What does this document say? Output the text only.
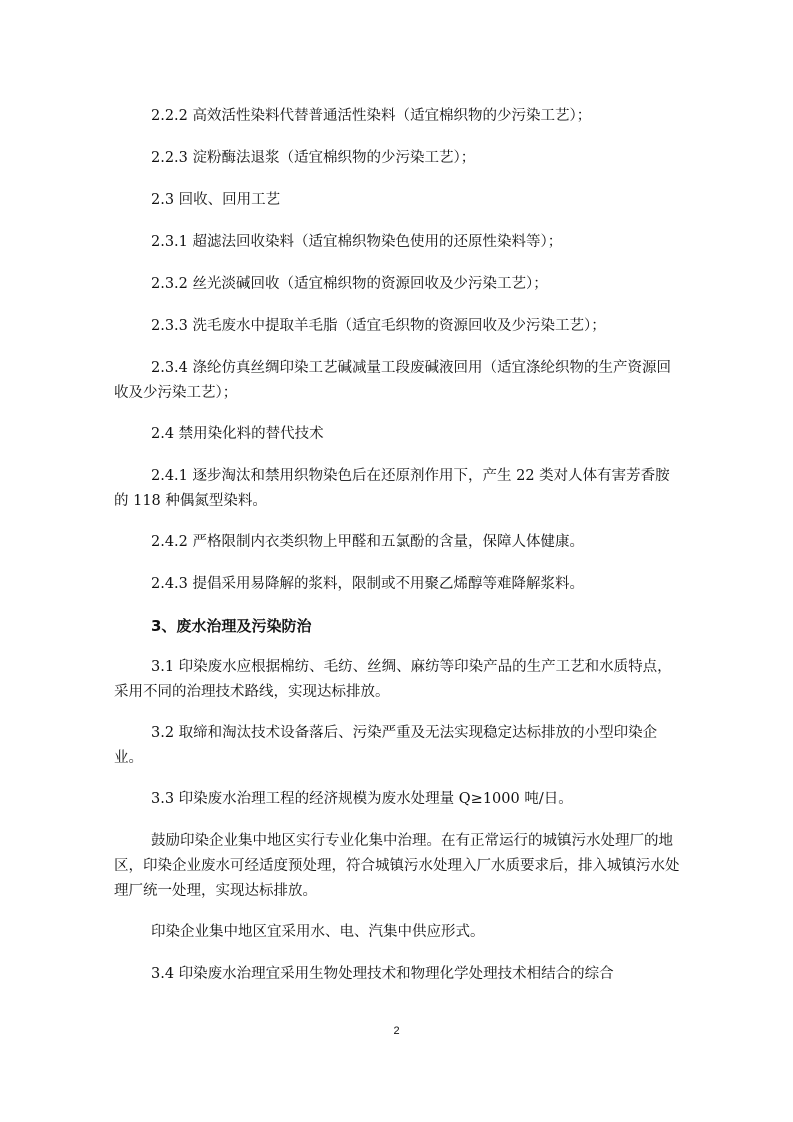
2.2.2 高效活性染料代替普通活性染料（适宜棉织物的少污染工艺）；

2.2.3 淀粉酶法退浆（适宜棉织物的少污染工艺）；

2.3 回收、回用工艺

2.3.1 超滤法回收染料（适宜棉织物染色使用的还原性染料等）；

2.3.2 丝光淡碱回收（适宜棉织物的资源回收及少污染工艺）；

2.3.3 洗毛废水中提取羊毛脂（适宜毛织物的资源回收及少污染工艺）；

2.3.4 涤纶仿真丝绸印染工艺碱减量工段废碱液回用（适宜涤纶织物的生产资源回收及少污染工艺）；

2.4 禁用染化料的替代技术

2.4.1 逐步淘汰和禁用织物染色后在还原剂作用下，产生 22 类对人体有害芳香胺的 118 种偶氮型染料。

2.4.2 严格限制内衣类织物上甲醛和五氯酚的含量，保障人体健康。

2.4.3 提倡采用易降解的浆料，限制或不用聚乙烯醇等难降解浆料。

3、废水治理及污染防治

3.1 印染废水应根据棉纺、毛纺、丝绸、麻纺等印染产品的生产工艺和水质特点，采用不同的治理技术路线，实现达标排放。

3.2 取缔和淘汰技术设备落后、污染严重及无法实现稳定达标排放的小型印染企业。

3.3 印染废水治理工程的经济规模为废水处理量 Q≥1000 吨/日。

鼓励印染企业集中地区实行专业化集中治理。在有正常运行的城镇污水处理厂的地区，印染企业废水可经适度预处理，符合城镇污水处理入厂水质要求后，排入城镇污水处理厂统一处理，实现达标排放。

印染企业集中地区宜采用水、电、汽集中供应形式。

3.4 印染废水治理宜采用生物处理技术和物理化学处理技术相结合的综合

2
